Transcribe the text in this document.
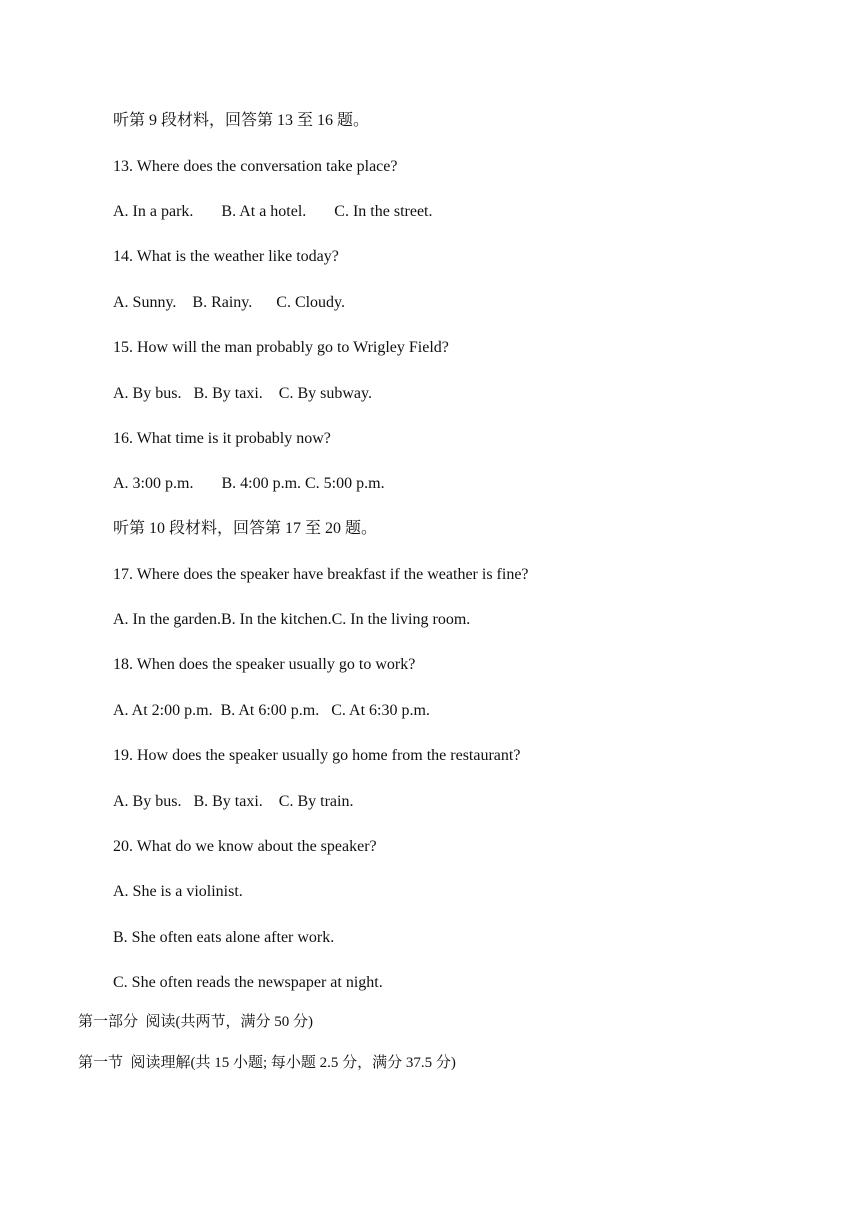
听第 9 段材料，回答第 13 至 16 题。
13. Where does the conversation take place?
A. In a park.       B. At a hotel.       C. In the street.
14. What is the weather like today?
A. Sunny.    B. Rainy.      C. Cloudy.
15. How will the man probably go to Wrigley Field?
A. By bus.   B. By taxi.    C. By subway.
16. What time is it probably now?
A. 3:00 p.m.       B. 4:00 p.m. C. 5:00 p.m.
听第 10 段材料，回答第 17 至 20 题。
17. Where does the speaker have breakfast if the weather is fine?
A. In the garden.B. In the kitchen.C. In the living room.
18. When does the speaker usually go to work?
A. At 2:00 p.m.  B. At 6:00 p.m.   C. At 6:30 p.m.
19. How does the speaker usually go home from the restaurant?
A. By bus.   B. By taxi.    C. By train.
20. What do we know about the speaker?
A. She is a violinist.
B. She often eats alone after work.
C. She often reads the newspaper at night.
第一部分  阅读(共两节，满分 50 分)
第一节  阅读理解(共 15 小题; 每小题 2.5 分，满分 37.5 分)
